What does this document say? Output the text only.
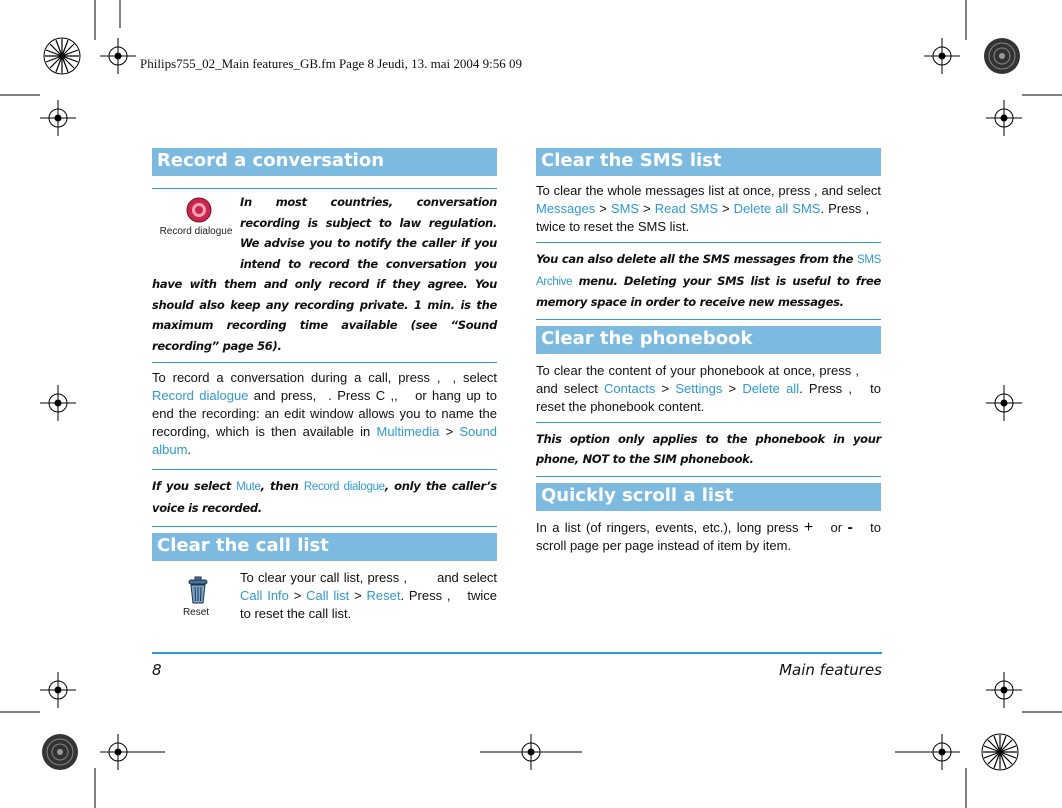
Philips755_02_Main features_GB.fm Page 8 Jeudi, 13. mai 2004 9:56 09
Record a conversation
Record dialogue
In most countries, conversation recording is subject to law regulation. We advise you to notify the caller if you intend to record the conversation you have with them and only record if they agree. You should also keep any recording private. 1 min. is the maximum recording time available (see “Sound recording” page 56).
To record a conversation during a call, press , , select Record dialogue and press, . Press C ,, or hang up to end the recording: an edit window allows you to name the recording, which is then available in Multimedia > Sound album.
If you select Mute, then Record dialogue, only the caller’s voice is recorded.
Clear the call list
Reset
To clear your call list, press , and select Call Info > Call list > Reset. Press , twice to reset the call list.
Clear the SMS list
To clear the whole messages list at once, press , and select Messages > SMS > Read SMS > Delete all SMS. Press , twice to reset the SMS list.
You can also delete all the SMS messages from the SMS Archive menu. Deleting your SMS list is useful to free memory space in order to receive new messages.
Clear the phonebook
To clear the content of your phonebook at once, press , and select Contacts > Settings > Delete all. Press , to reset the phonebook content.
This option only applies to the phonebook in your phone, NOT to the SIM phonebook.
Quickly scroll a list
In a list (of ringers, events, etc.), long press + or - to scroll page per page instead of item by item.
8	Main features
